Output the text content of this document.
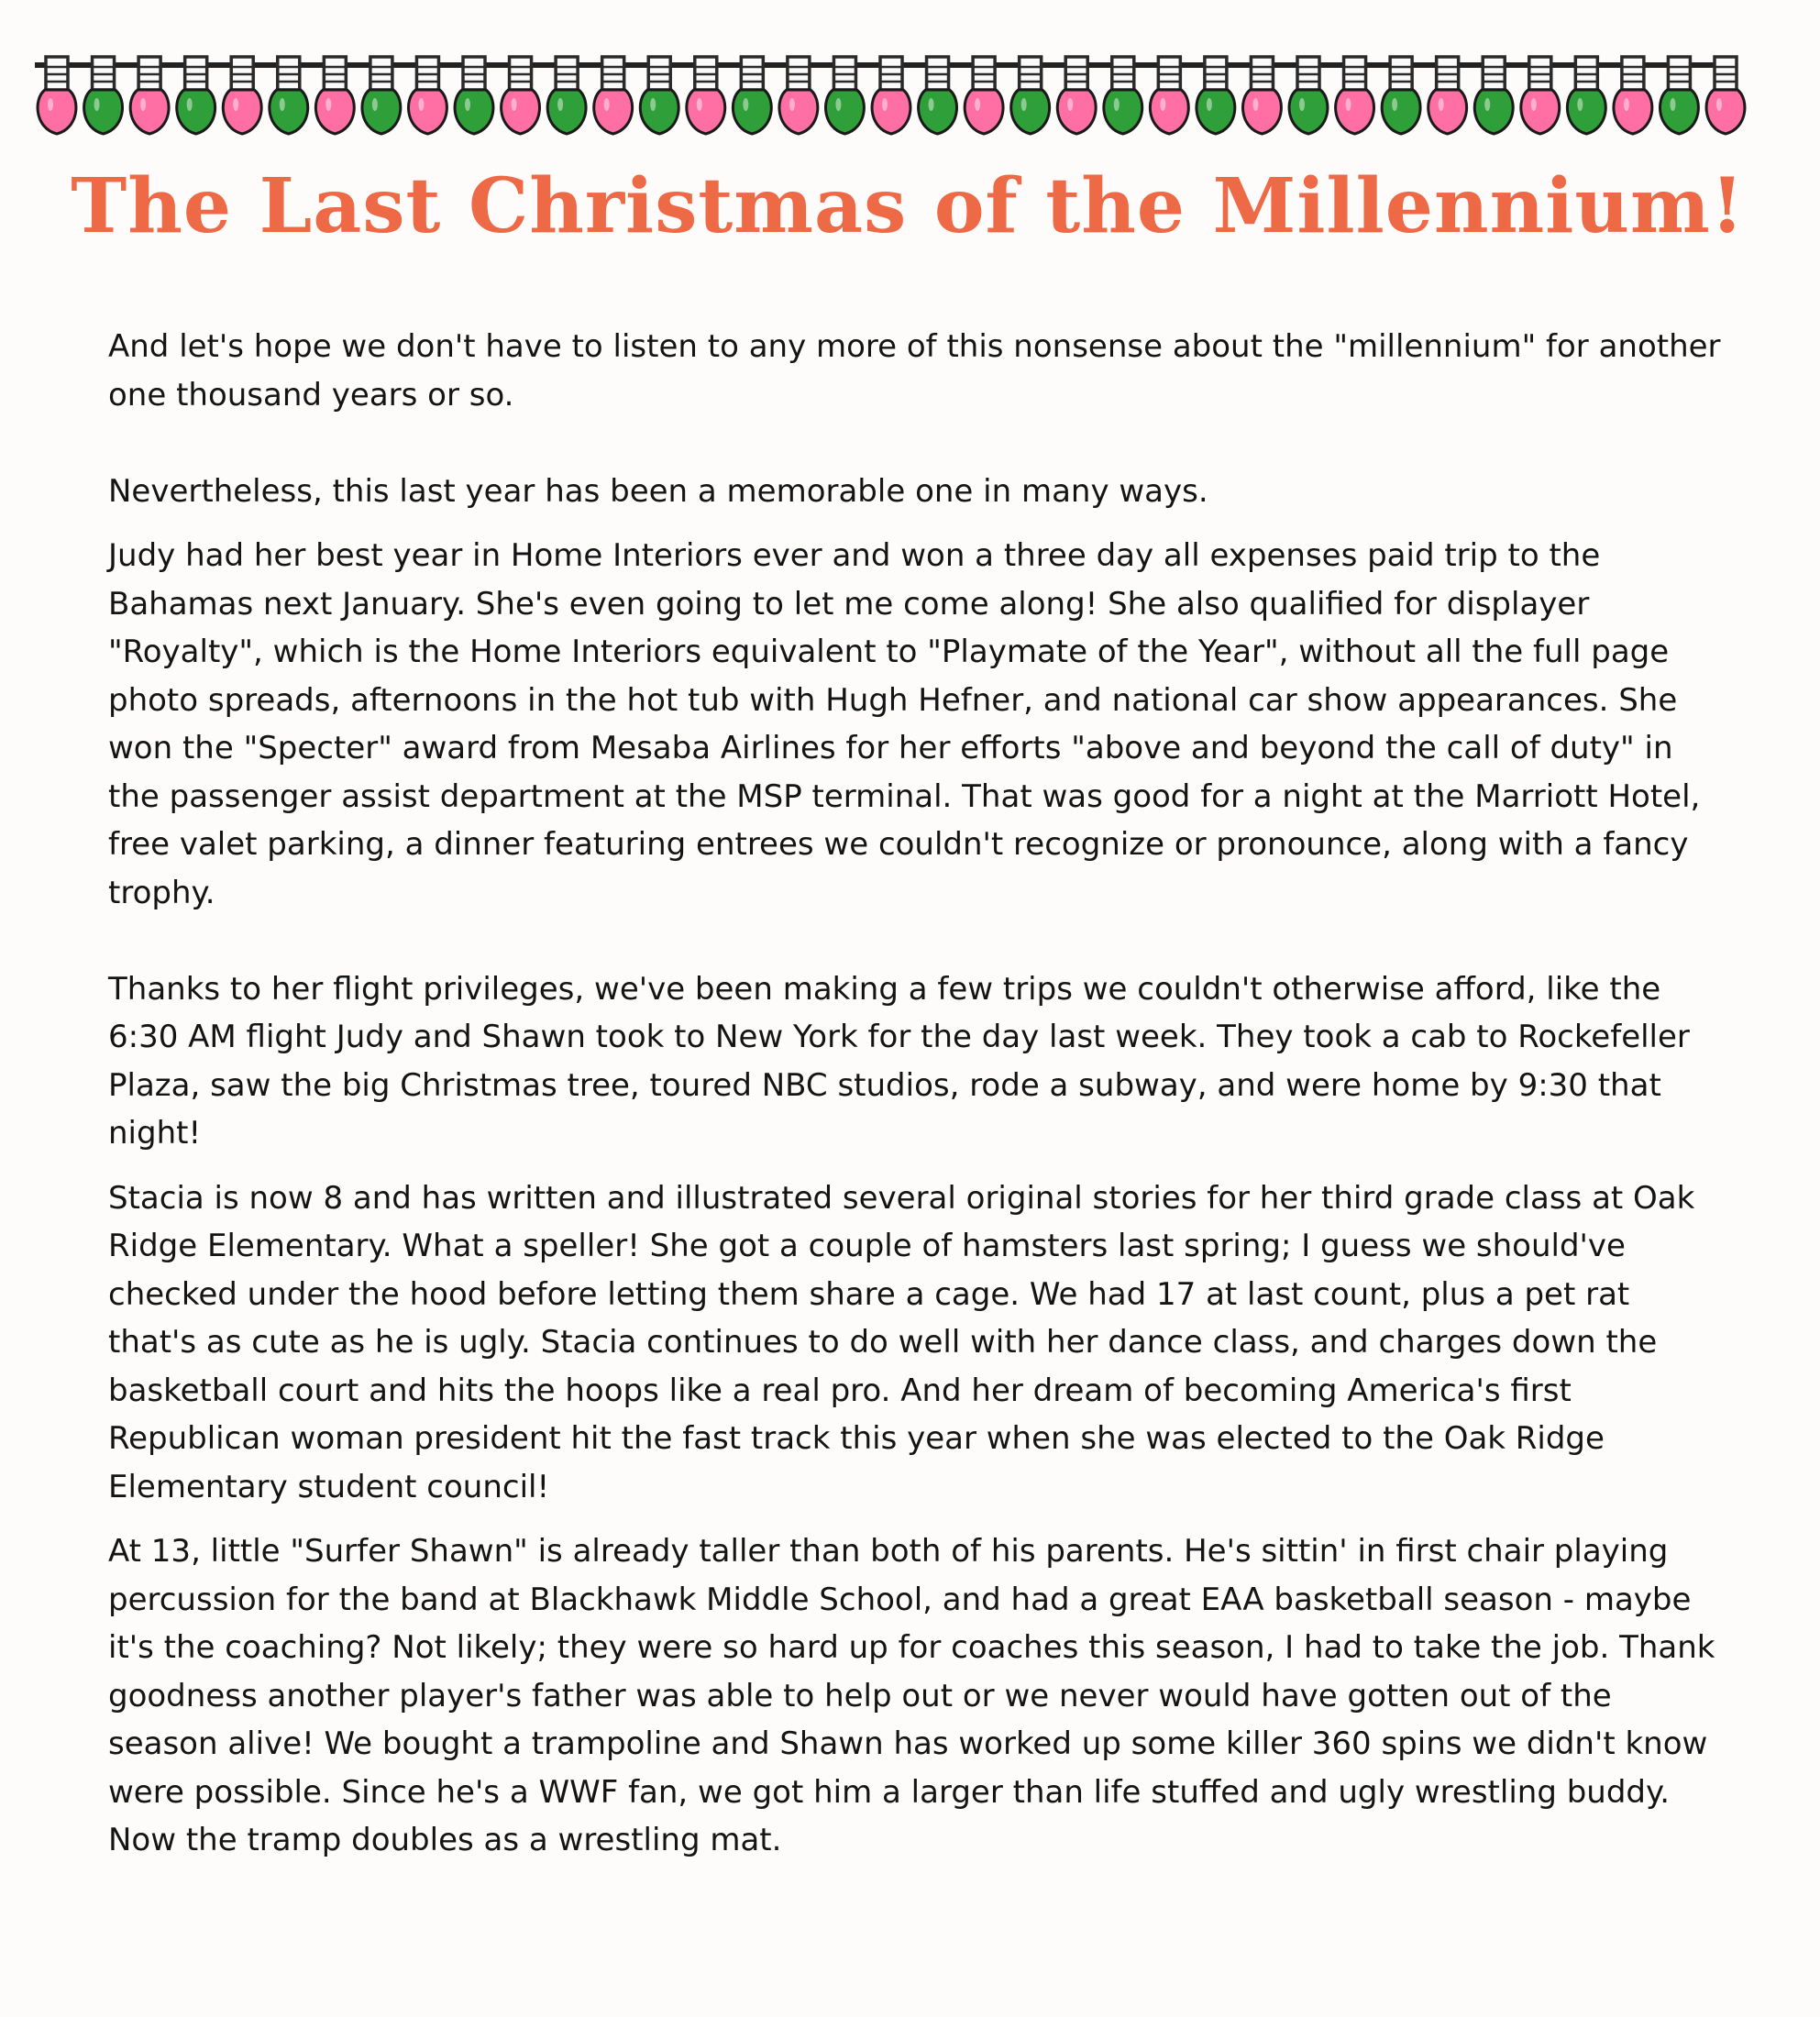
The Last Christmas of the Millennium!

And let's hope we don't have to listen to any more of this nonsense about the "millennium" for another one thousand years or so.

Nevertheless, this last year has been a memorable one in many ways.

Judy had her best year in Home Interiors ever and won a three day all expenses paid trip to the Bahamas next January. She's even going to let me come along! She also qualified for displayer "Royalty", which is the Home Interiors equivalent to "Playmate of the Year", without all the full page photo spreads, afternoons in the hot tub with Hugh Hefner, and national car show appearances. She won the "Specter" award from Mesaba Airlines for her efforts "above and beyond the call of duty" in the passenger assist department at the MSP terminal. That was good for a night at the Marriott Hotel, free valet parking, a dinner featuring entrees we couldn't recognize or pronounce, along with a fancy trophy.

Thanks to her flight privileges, we've been making a few trips we couldn't otherwise afford, like the 6:30 AM flight Judy and Shawn took to New York for the day last week. They took a cab to Rockefeller Plaza, saw the big Christmas tree, toured NBC studios, rode a subway, and were home by 9:30 that night!

Stacia is now 8 and has written and illustrated several original stories for her third grade class at Oak Ridge Elementary. What a speller! She got a couple of hamsters last spring; I guess we should've checked under the hood before letting them share a cage. We had 17 at last count, plus a pet rat that's as cute as he is ugly. Stacia continues to do well with her dance class, and charges down the basketball court and hits the hoops like a real pro. And her dream of becoming America's first Republican woman president hit the fast track this year when she was elected to the Oak Ridge Elementary student council!

At 13, little "Surfer Shawn" is already taller than both of his parents. He's sittin' in first chair playing percussion for the band at Blackhawk Middle School, and had a great EAA basketball season - maybe it's the coaching? Not likely; they were so hard up for coaches this season, I had to take the job. Thank goodness another player's father was able to help out or we never would have gotten out of the season alive! We bought a trampoline and Shawn has worked up some killer 360 spins we didn't know were possible. Since he's a WWF fan, we got him a larger than life stuffed and ugly wrestling buddy. Now the tramp doubles as a wrestling mat.
